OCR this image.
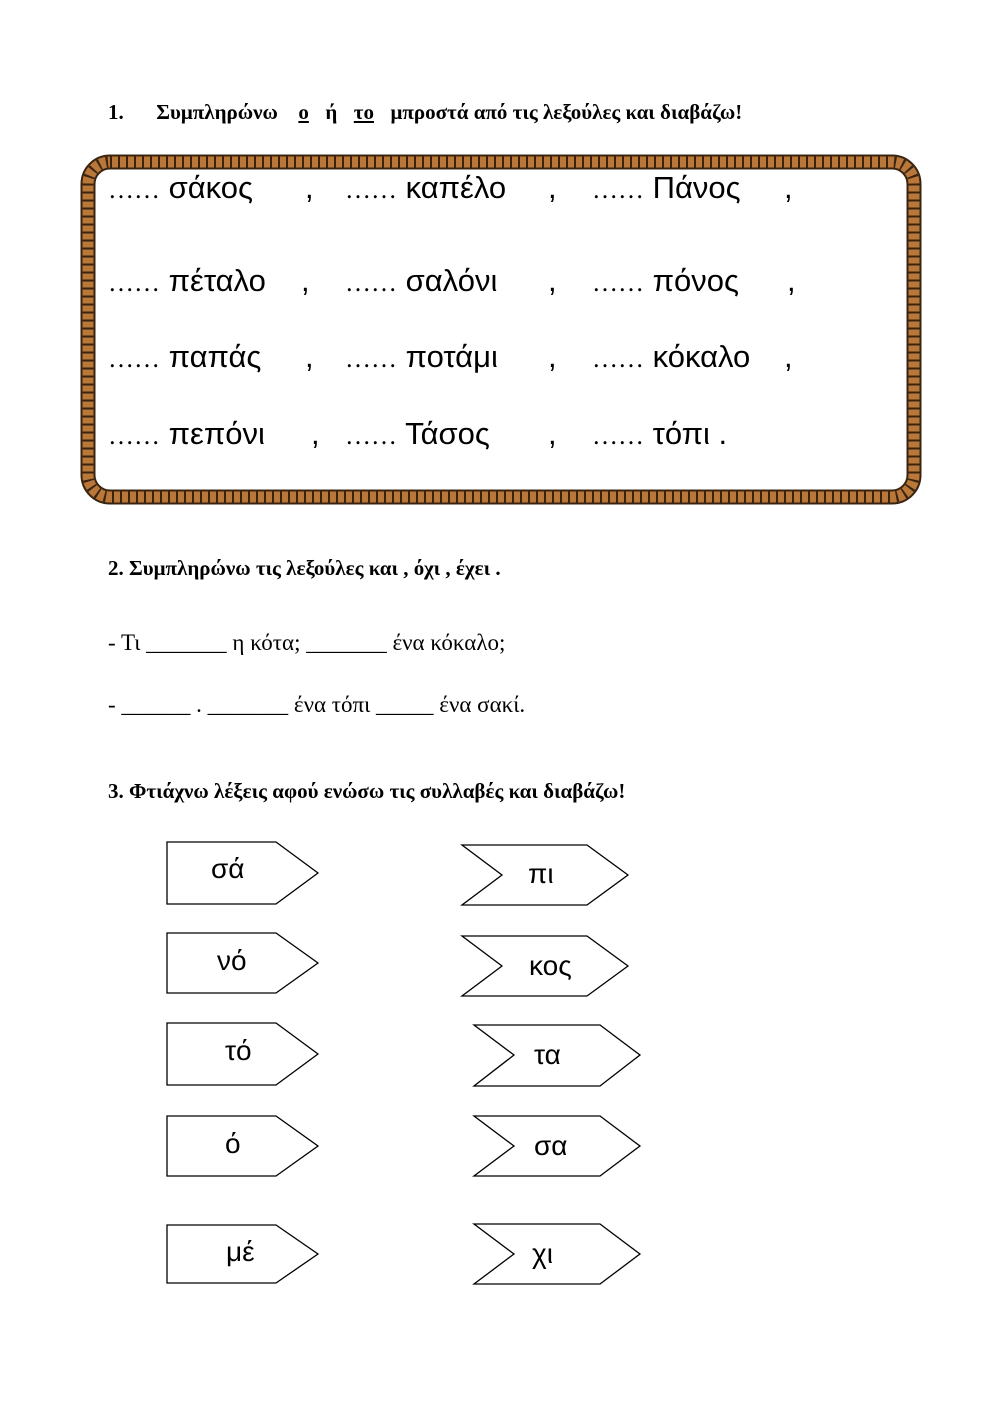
1. Συμπληρώνω ο ή το μπροστά από τις λεξούλες και διαβάζω!
…… σάκος , …… καπέλο , …… Πάνος ,
…… πέταλο , …… σαλόνι , …… πόνος ,
…… παπάς , …… ποτάμι , …… κόκαλο ,
…… πεπόνι , …… Τάσος , …… τόπι .
2. Συμπληρώνω τις λεξούλες και , όχι , έχει .
- Τι _______ η κότα; _______ ένα κόκαλο;
- ______ . _______ ένα τόπι _____ ένα σακί.
3. Φτιάχνω λέξεις αφού ενώσω τις συλλαβές και διαβάζω!
σά
νό
τό
ό
μέ
πι
κος
τα
σα
χι
